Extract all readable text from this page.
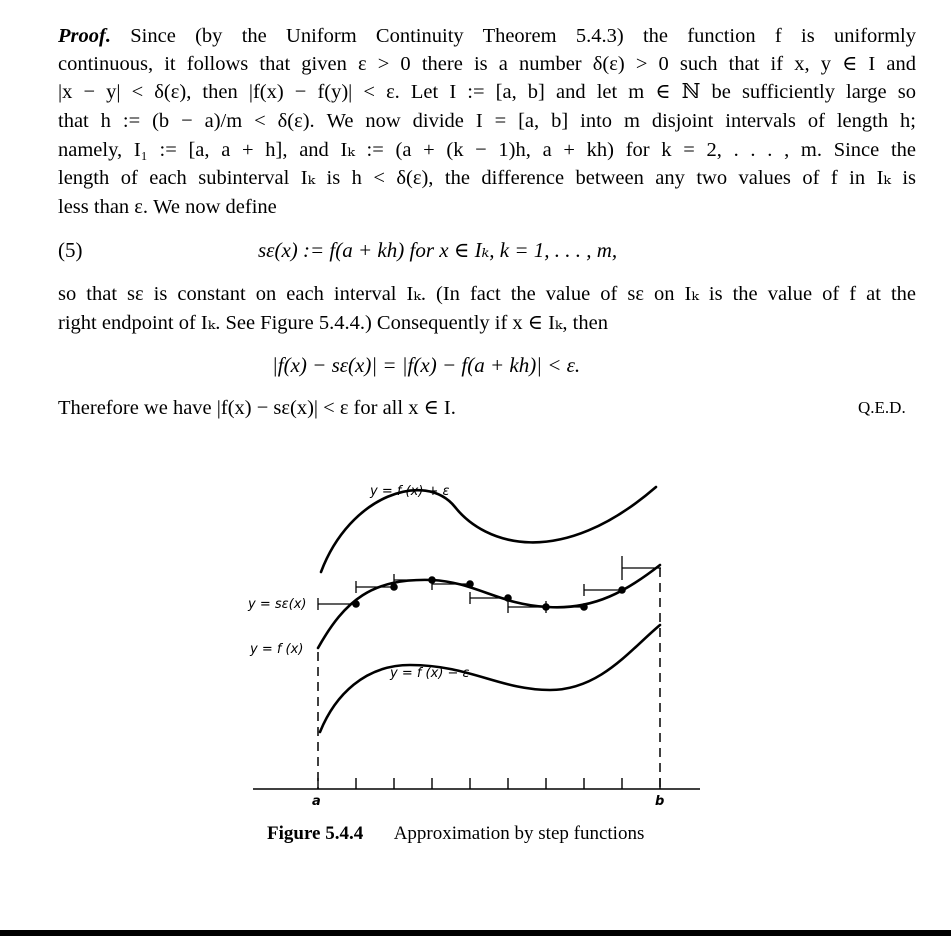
Proof. Since (by the Uniform Continuity Theorem 5.4.3) the function f is uniformly
continuous, it follows that given ε > 0 there is a number δ(ε) > 0 such that if x, y ∈ I and
|x − y| < δ(ε), then |f(x) − f(y)| < ε. Let I := [a, b] and let m ∈ ℕ be sufficiently large so
that h := (b − a)/m < δ(ε). We now divide I = [a, b] into m disjoint intervals of length h;
namely, I₁ := [a, a + h], and Iₖ := (a + (k − 1)h, a + kh) for k = 2, . . . , m. Since the
length of each subinterval Iₖ is h < δ(ε), the difference between any two values of f in Iₖ is
less than ε. We now define
(5)	sε(x) := f(a + kh) for x ∈ Iₖ, k = 1, . . . , m,
so that sε is constant on each interval Iₖ. (In fact the value of sε on Iₖ is the value of f at the
right endpoint of Iₖ. See Figure 5.4.4.) Consequently if x ∈ Iₖ, then
|f(x) − sε(x)| = |f(x) − f(a + kh)| < ε.
Therefore we have |f(x) − sε(x)| < ε for all x ∈ I.	Q.E.D.
y = f (x) + ε
y = sε(x)
y = f (x)
y = f (x) − ε
a	b
Figure 5.4.4 Approximation by step functions
